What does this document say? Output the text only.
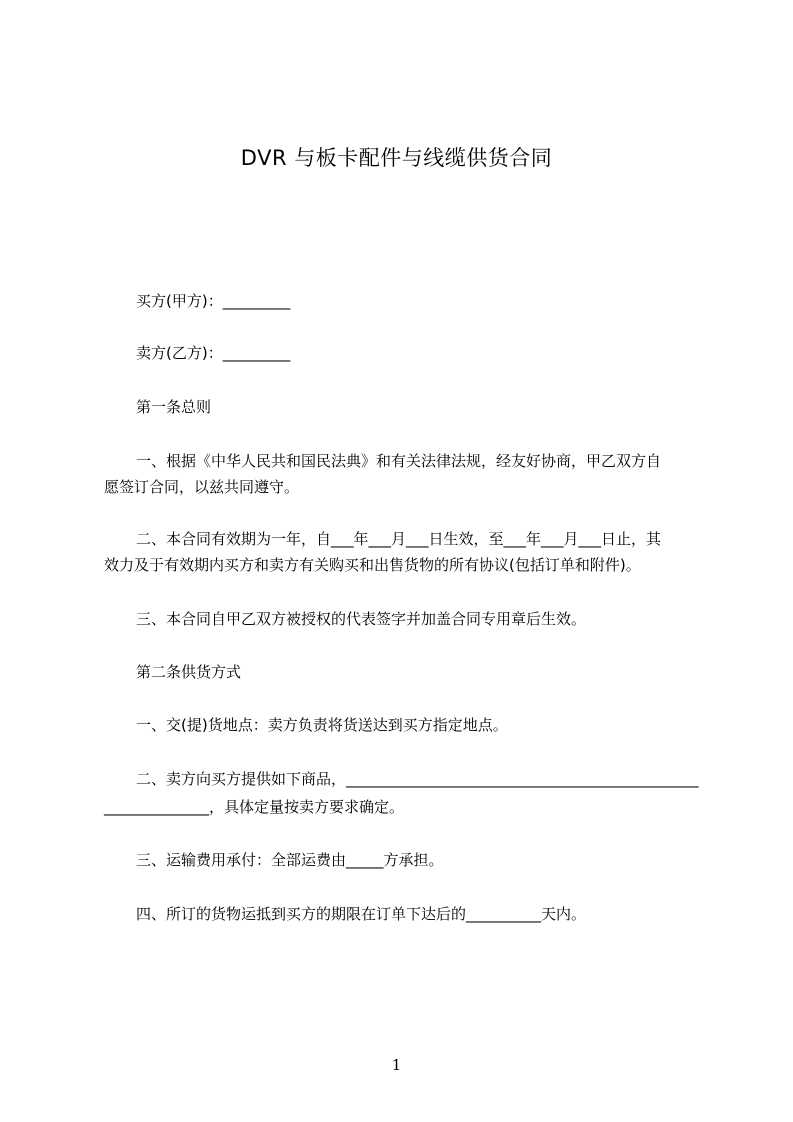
DVR 与板卡配件与线缆供货合同

买方(甲方)：_________

卖方(乙方)：_________

第一条总则

一、根据《中华人民共和国民法典》和有关法律法规，经友好协商，甲乙双方自

愿签订合同，以兹共同遵守。

二、本合同有效期为一年，自___年___月___日生效，至___年___月___日止，其

效力及于有效期内买方和卖方有关购买和出售货物的所有协议(包括订单和附件)。

三、本合同自甲乙双方被授权的代表签字并加盖合同专用章后生效。

第二条供货方式

一、交(提)货地点：卖方负责将货送达到买方指定地点。

二、卖方向买方提供如下商品，_______________________________________________

______________，具体定量按卖方要求确定。

三、运输费用承付：全部运费由_____方承担。

四、所订的货物运抵到买方的期限在订单下达后的__________天内。

1
